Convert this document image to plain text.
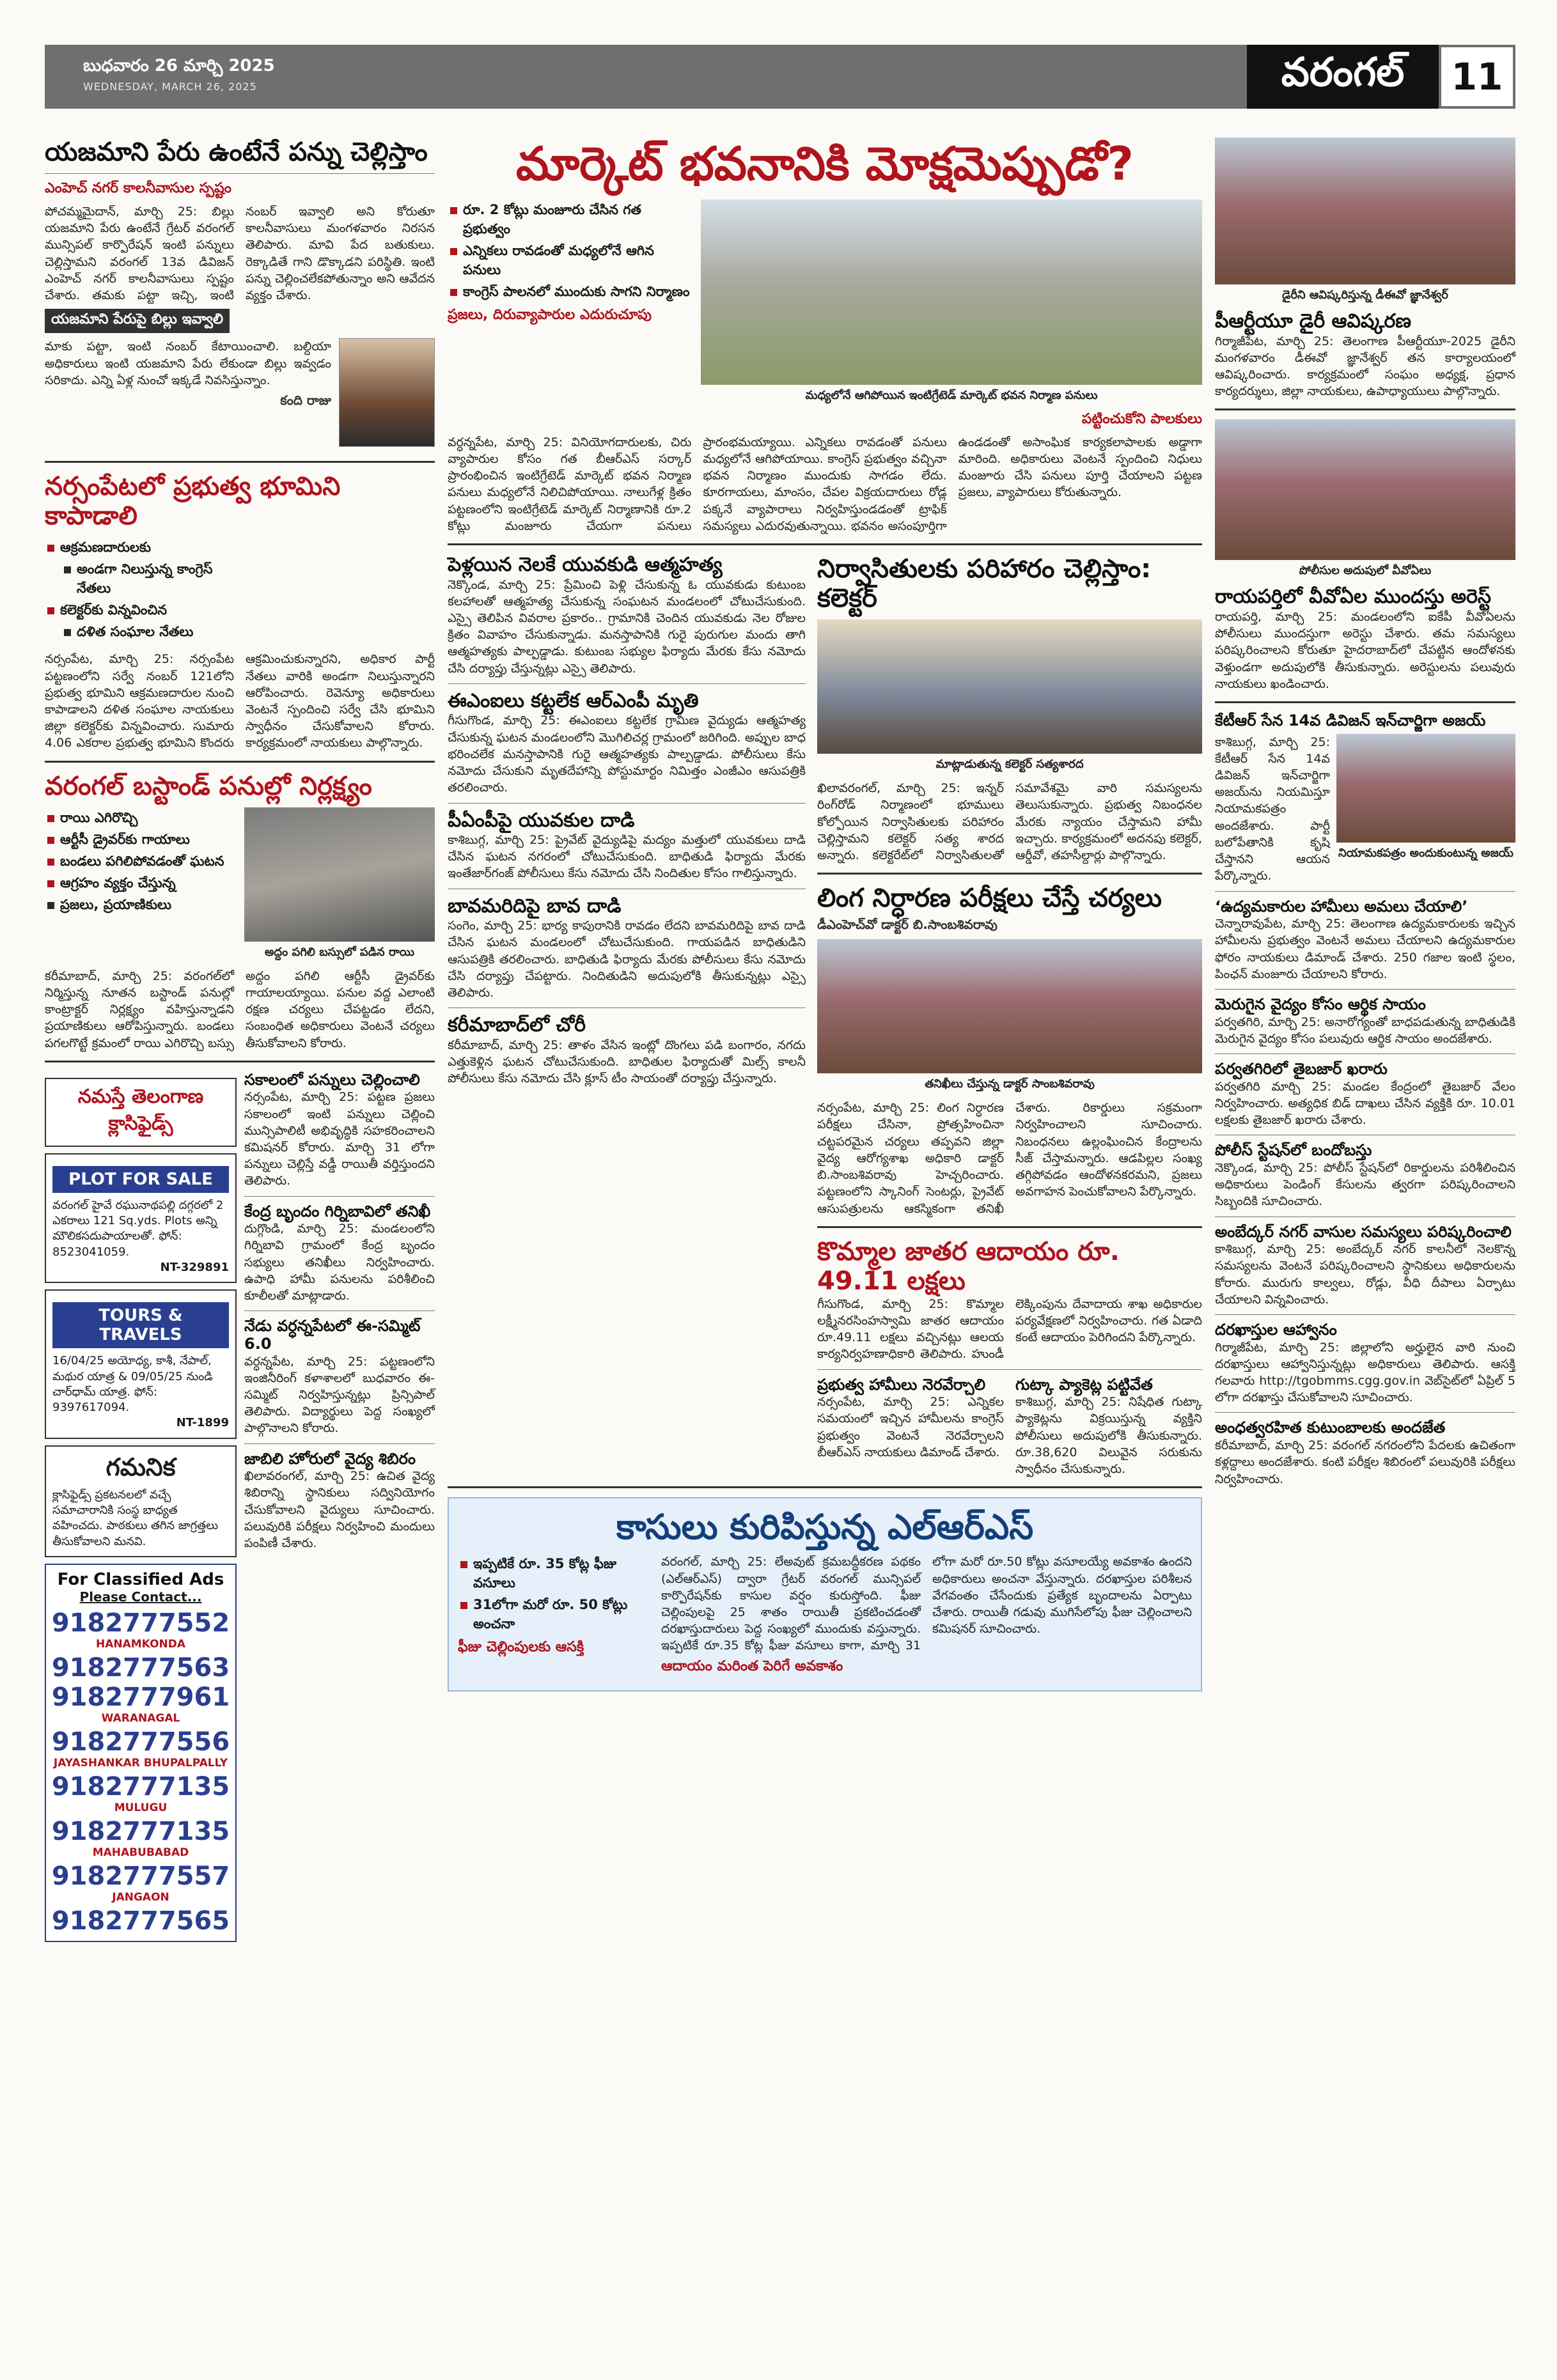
బుధవారం 26 మార్చి 2025
WEDNESDAY, MARCH 26, 2025	వరంగల్	11
యజమాని పేరు ఉంటేనే పన్ను చెల్లిస్తాం
ఎంహెచ్ నగర్ కాలనీవాసుల స్పష్టం
పోచమ్మమైదాన్, మార్చి 25: బిల్లు యజమాని పేరు ఉంటేనే గ్రేటర్ వరంగల్ మున్సిపల్ కార్పొరేషన్ ఇంటి పన్నులు చెల్లిస్తామని వరంగల్ 13వ డివిజన్ ఎంహెచ్ నగర్ కాలనీవాసులు స్పష్టం చేశారు. తమకు పట్టా ఇచ్చి, ఇంటి నంబర్ ఇవ్వాలి అని కోరుతూ కాలనీవాసులు మంగళవారం నిరసన తెలిపారు. మావి పేద బతుకులు. రెక్కాడితే గాని డొక్కాడని పరిస్థితి. ఇంటి పన్ను చెల్లించలేకపోతున్నాం అని ఆవేదన వ్యక్తం చేశారు.
యజమాని పేరుపై బిల్లు ఇవ్వాలి
మాకు పట్టా, ఇంటి నంబర్ కేటాయించాలి. బల్దియా అధికారులు ఇంటి యజమాని పేరు లేకుండా బిల్లు ఇవ్వడం సరికాదు. ఎన్ని ఏళ్ల నుంచో ఇక్కడే నివసిస్తున్నాం.
కంది రాజు
నర్సంపేటలో ప్రభుత్వ భూమిని కాపాడాలి
ఆక్రమణదారులకు
అండగా నిలుస్తున్న కాంగ్రెస్ నేతలు
కలెక్టర్‌కు విన్నవించిన
దళిత సంఘాల నేతలు
నర్సంపేట, మార్చి 25: నర్సంపేట పట్టణంలోని సర్వే నంబర్ 121లోని ప్రభుత్వ భూమిని ఆక్రమణదారుల నుంచి కాపాడాలని దళిత సంఘాల నాయకులు జిల్లా కలెక్టర్‌కు విన్నవించారు. సుమారు 4.06 ఎకరాల ప్రభుత్వ భూమిని కొందరు ఆక్రమించుకున్నారని, అధికార పార్టీ నేతలు వారికి అండగా నిలుస్తున్నారని ఆరోపించారు. రెవెన్యూ అధికారులు వెంటనే స్పందించి సర్వే చేసి భూమిని స్వాధీనం చేసుకోవాలని కోరారు. కార్యక్రమంలో నాయకులు పాల్గొన్నారు.
వరంగల్ బస్టాండ్ పనుల్లో నిర్లక్ష్యం
రాయి ఎగిరొచ్చి
ఆర్టీసీ డ్రైవర్‌కు గాయాలు
బండలు పగిలిపోవడంతో ఘటన
ఆగ్రహం వ్యక్తం చేస్తున్న
ప్రజలు, ప్రయాణికులు
అద్దం పగిలి బస్సులో పడిన రాయి
కరీమాబాద్, మార్చి 25: వరంగల్‌లో నిర్మిస్తున్న నూతన బస్టాండ్ పనుల్లో కాంట్రాక్టర్ నిర్లక్ష్యం వహిస్తున్నాడని ప్రయాణికులు ఆరోపిస్తున్నారు. బండలు పగలగొట్టే క్రమంలో రాయి ఎగిరొచ్చి బస్సు అద్దం పగిలి ఆర్టీసీ డ్రైవర్‌కు గాయాలయ్యాయి. పనుల వద్ద ఎలాంటి రక్షణ చర్యలు చేపట్టడం లేదని, సంబంధిత అధికారులు వెంటనే చర్యలు తీసుకోవాలని కోరారు.
నమస్తే తెలంగాణ క్లాసిఫైడ్స్
PLOT FOR SALE
వరంగల్ హైవే రఘునాథపల్లి దగ్గరలో 2 ఎకరాలు 121 Sq.yds. Plots అన్ని మౌలికసదుపాయాలతో. ఫోన్: 8523041059.
NT-329891
TOURS & TRAVELS
16/04/25 అయోధ్య, కాశీ, నేపాల్, మథుర యాత్ర & 09/05/25 నుండి చార్‌ధామ్ యాత్ర. ఫోన్: 9397617094.
NT-1899
గమనిక
క్లాసిఫైడ్స్ ప్రకటనలలో వచ్చే సమాచారానికి సంస్థ బాధ్యత వహించదు. పాఠకులు తగిన జాగ్రత్తలు తీసుకోవాలని మనవి.
For Classified Ads
Please Contact...
9182777552
HANAMKONDA
9182777563
9182777961
WARANAGAL
9182777556
JAYASHANKAR BHUPALPALLY
9182777135
MULUGU
9182777135
MAHABUBABAD
9182777557
JANGAON
9182777565
సకాలంలో పన్నులు చెల్లించాలి
నర్సంపేట, మార్చి 25: పట్టణ ప్రజలు సకాలంలో ఇంటి పన్నులు చెల్లించి మున్సిపాలిటీ అభివృద్ధికి సహకరించాలని కమిషనర్ కోరారు. మార్చి 31 లోగా పన్నులు చెల్లిస్తే వడ్డీ రాయితీ వర్తిస్తుందని తెలిపారు.
కేంద్ర బృందం గిర్నిబావిలో తనిఖీ
దుగ్గొండి, మార్చి 25: మండలంలోని గిర్నిబావి గ్రామంలో కేంద్ర బృందం సభ్యులు తనిఖీలు నిర్వహించారు. ఉపాధి హామీ పనులను పరిశీలించి కూలీలతో మాట్లాడారు.
నేడు వర్ధన్నపేటలో ఈ-సమ్మిట్ 6.0
వర్ధన్నపేట, మార్చి 25: పట్టణంలోని ఇంజినీరింగ్ కళాశాలలో బుధవారం ఈ-సమ్మిట్ నిర్వహిస్తున్నట్లు ప్రిన్సిపాల్ తెలిపారు. విద్యార్థులు పెద్ద సంఖ్యలో పాల్గొనాలని కోరారు.
జాబిలి హోరులో వైద్య శిబిరం
ఖిలావరంగల్, మార్చి 25: ఉచిత వైద్య శిబిరాన్ని స్థానికులు సద్వినియోగం చేసుకోవాలని వైద్యులు సూచించారు. పలువురికి పరీక్షలు నిర్వహించి మందులు పంపిణీ చేశారు.
మార్కెట్ భవనానికి మోక్షమెప్పుడో?
రూ. 2 కోట్లు మంజూరు చేసిన గత ప్రభుత్వం
ఎన్నికలు రావడంతో మధ్యలోనే ఆగిన పనులు
కాంగ్రెస్ పాలనలో ముందుకు సాగని నిర్మాణం
ప్రజలు, దిరువ్యాపారుల ఎదురుచూపు
మధ్యలోనే ఆగిపోయిన ఇంటిగ్రేటెడ్ మార్కెట్ భవన నిర్మాణ పనులు
పట్టించుకోని పాలకులు
వర్ధన్నపేట, మార్చి 25: వినియోగదారులకు, చిరు వ్యాపారుల కోసం గత బీఆర్‌ఎస్ సర్కార్ ప్రారంభించిన ఇంటిగ్రేటెడ్ మార్కెట్ భవన నిర్మాణ పనులు మధ్యలోనే నిలిచిపోయాయి. నాలుగేళ్ల క్రితం పట్టణంలోని ఇంటిగ్రేటెడ్ మార్కెట్ నిర్మాణానికి రూ.2 కోట్లు మంజూరు చేయగా పనులు ప్రారంభమయ్యాయి. ఎన్నికలు రావడంతో పనులు మధ్యలోనే ఆగిపోయాయి. కాంగ్రెస్ ప్రభుత్వం వచ్చినా భవన నిర్మాణం ముందుకు సాగడం లేదు. కూరగాయలు, మాంసం, చేపల విక్రయదారులు రోడ్ల పక్కనే వ్యాపారాలు నిర్వహిస్తుండడంతో ట్రాఫిక్ సమస్యలు ఎదురవుతున్నాయి. భవనం అసంపూర్తిగా ఉండడంతో అసాంఘిక కార్యకలాపాలకు అడ్డాగా మారింది. అధికారులు వెంటనే స్పందించి నిధులు మంజూరు చేసి పనులు పూర్తి చేయాలని పట్టణ ప్రజలు, వ్యాపారులు కోరుతున్నారు.
పెళ్లయిన నెలకే యువకుడి ఆత్మహత్య
నెక్కొండ, మార్చి 25: ప్రేమించి పెళ్లి చేసుకున్న ఓ యువకుడు కుటుంబ కలహాలతో ఆత్మహత్య చేసుకున్న సంఘటన మండలంలో చోటుచేసుకుంది. ఎస్సై తెలిపిన వివరాల ప్రకారం.. గ్రామానికి చెందిన యువకుడు నెల రోజుల క్రితం వివాహం చేసుకున్నాడు. మనస్తాపానికి గురై పురుగుల మందు తాగి ఆత్మహత్యకు పాల్పడ్డాడు. కుటుంబ సభ్యుల ఫిర్యాదు మేరకు కేసు నమోదు చేసి దర్యాప్తు చేస్తున్నట్లు ఎస్సై తెలిపారు.
ఈఎంఐలు కట్టలేక ఆర్‌ఎంపీ మృతి
గీసుగొండ, మార్చి 25: ఈఎంఐలు కట్టలేక గ్రామీణ వైద్యుడు ఆత్మహత్య చేసుకున్న ఘటన మండలంలోని మొగిలిచర్ల గ్రామంలో జరిగింది. అప్పుల బాధ భరించలేక మనస్తాపానికి గురై ఆత్మహత్యకు పాల్పడ్డాడు. పోలీసులు కేసు నమోదు చేసుకుని మృతదేహాన్ని పోస్టుమార్టం నిమిత్తం ఎంజీఎం ఆసుపత్రికి తరలించారు.
పీఏంపీపై యువకుల దాడి
కాశిబుగ్గ, మార్చి 25: ప్రైవేట్ వైద్యుడిపై మద్యం మత్తులో యువకులు దాడి చేసిన ఘటన నగరంలో చోటుచేసుకుంది. బాధితుడి ఫిర్యాదు మేరకు ఇంతేజార్‌గంజ్ పోలీసులు కేసు నమోదు చేసి నిందితుల కోసం గాలిస్తున్నారు.
బావమరిదిపై బావ దాడి
సంగెం, మార్చి 25: భార్య కాపురానికి రావడం లేదని బావమరిదిపై బావ దాడి చేసిన ఘటన మండలంలో చోటుచేసుకుంది. గాయపడిన బాధితుడిని ఆసుపత్రికి తరలించారు. బాధితుడి ఫిర్యాదు మేరకు పోలీసులు కేసు నమోదు చేసి దర్యాప్తు చేపట్టారు. నిందితుడిని అదుపులోకి తీసుకున్నట్లు ఎస్సై తెలిపారు.
కరీమాబాద్‌లో చోరీ
కరీమాబాద్, మార్చి 25: తాళం వేసిన ఇంట్లో దొంగలు పడి బంగారం, నగదు ఎత్తుకెళ్లిన ఘటన చోటుచేసుకుంది. బాధితుల ఫిర్యాదుతో మిల్స్ కాలనీ పోలీసులు కేసు నమోదు చేసి క్లూస్ టీం సాయంతో దర్యాప్తు చేస్తున్నారు.
నిర్వాసితులకు పరిహారం చెల్లిస్తాం: కలెక్టర్
మాట్లాడుతున్న కలెక్టర్ సత్యశారద
ఖిలావరంగల్, మార్చి 25: ఇన్నర్ రింగ్‌రోడ్ నిర్మాణంలో భూములు కోల్పోయిన నిర్వాసితులకు పరిహారం చెల్లిస్తామని కలెక్టర్ సత్య శారద అన్నారు. కలెక్టరేట్‌లో నిర్వాసితులతో సమావేశమై వారి సమస్యలను తెలుసుకున్నారు. ప్రభుత్వ నిబంధనల మేరకు న్యాయం చేస్తామని హామీ ఇచ్చారు. కార్యక్రమంలో అదనపు కలెక్టర్, ఆర్డీవో, తహసీల్దార్లు పాల్గొన్నారు.
లింగ నిర్ధారణ పరీక్షలు చేస్తే చర్యలు
డీఎంహెచ్‌వో డాక్టర్ బి.సాంబశివరావు
తనిఖీలు చేస్తున్న డాక్టర్ సాంబశివరావు
నర్సంపేట, మార్చి 25: లింగ నిర్ధారణ పరీక్షలు చేసినా, ప్రోత్సహించినా చట్టపరమైన చర్యలు తప్పవని జిల్లా వైద్య ఆరోగ్యశాఖ అధికారి డాక్టర్ బి.సాంబశివరావు హెచ్చరించారు. పట్టణంలోని స్కానింగ్ సెంటర్లు, ప్రైవేట్ ఆసుపత్రులను ఆకస్మికంగా తనిఖీ చేశారు. రికార్డులు సక్రమంగా నిర్వహించాలని సూచించారు. నిబంధనలు ఉల్లంఘించిన కేంద్రాలను సీజ్ చేస్తామన్నారు. ఆడపిల్లల సంఖ్య తగ్గిపోవడం ఆందోళనకరమని, ప్రజలు అవగాహన పెంచుకోవాలని పేర్కొన్నారు.
కొమ్మాల జాతర ఆదాయం రూ. 49.11 లక్షలు
గీసుగొండ, మార్చి 25: కొమ్మాల లక్ష్మీనరసింహస్వామి జాతర ఆదాయం రూ.49.11 లక్షలు వచ్చినట్లు ఆలయ కార్యనిర్వహణాధికారి తెలిపారు. హుండీ లెక్కింపును దేవాదాయ శాఖ అధికారుల పర్యవేక్షణలో నిర్వహించారు. గత ఏడాది కంటే ఆదాయం పెరిగిందని పేర్కొన్నారు.
ప్రభుత్వ హామీలు నెరవేర్చాలి
నర్సంపేట, మార్చి 25: ఎన్నికల సమయంలో ఇచ్చిన హామీలను కాంగ్రెస్ ప్రభుత్వం వెంటనే నెరవేర్చాలని బీఆర్‌ఎస్ నాయకులు డిమాండ్ చేశారు.
గుట్కా ప్యాకెట్ల పట్టివేత
కాశిబుగ్గ, మార్చి 25: నిషేధిత గుట్కా ప్యాకెట్లను విక్రయిస్తున్న వ్యక్తిని పోలీసులు అదుపులోకి తీసుకున్నారు. రూ.38,620 విలువైన సరుకును స్వాధీనం చేసుకున్నారు.
కాసులు కురిపిస్తున్న ఎల్‌ఆర్‌ఎస్
ఇప్పటికే రూ. 35 కోట్ల ఫీజు వసూలు
31లోగా మరో రూ. 50 కోట్లు అంచనా
ఫీజు చెల్లింపులకు ఆసక్తి
వరంగల్, మార్చి 25: లేఅవుట్ క్రమబద్ధీకరణ పథకం (ఎల్‌ఆర్‌ఎస్) ద్వారా గ్రేటర్ వరంగల్ మున్సిపల్ కార్పొరేషన్‌కు కాసుల వర్షం కురుస్తోంది. ఫీజు చెల్లింపులపై 25 శాతం రాయితీ ప్రకటించడంతో దరఖాస్తుదారులు పెద్ద సంఖ్యలో ముందుకు వస్తున్నారు. ఇప్పటికే రూ.35 కోట్ల ఫీజు వసూలు కాగా, మార్చి 31 లోగా మరో రూ.50 కోట్లు వసూలయ్యే అవకాశం ఉందని అధికారులు అంచనా వేస్తున్నారు. దరఖాస్తుల పరిశీలన వేగవంతం చేసేందుకు ప్రత్యేక బృందాలను ఏర్పాటు చేశారు. రాయితీ గడువు ముగిసేలోపు ఫీజు చెల్లించాలని కమిషనర్ సూచించారు.
ఆదాయం మరింత పెరిగే అవకాశం
డైరీని ఆవిష్కరిస్తున్న డీఈవో జ్ఞానేశ్వర్
పీఆర్టీయూ డైరీ ఆవిష్కరణ
గిర్మాజీపేట, మార్చి 25: తెలంగాణ పీఆర్టీయూ-2025 డైరీని మంగళవారం డీఈవో జ్ఞానేశ్వర్ తన కార్యాలయంలో ఆవిష్కరించారు. కార్యక్రమంలో సంఘం అధ్యక్ష, ప్రధాన కార్యదర్శులు, జిల్లా నాయకులు, ఉపాధ్యాయులు పాల్గొన్నారు.
పోలీసుల అదుపులో వీవోఏలు
రాయపర్తిలో వీవోఏల ముందస్తు అరెస్ట్
రాయపర్తి, మార్చి 25: మండలంలోని ఐకేపీ వీవోఏలను పోలీసులు ముందస్తుగా అరెస్టు చేశారు. తమ సమస్యలు పరిష్కరించాలని కోరుతూ హైదరాబాద్‌లో చేపట్టిన ఆందోళనకు వెళ్తుండగా అదుపులోకి తీసుకున్నారు. అరెస్టులను పలువురు నాయకులు ఖండించారు.
కేటీఆర్ సేన 14వ డివిజన్ ఇన్‌చార్జిగా అజయ్
కాశిబుగ్గ, మార్చి 25: కేటీఆర్ సేన 14వ డివిజన్ ఇన్‌చార్జిగా అజయ్‌ను నియమిస్తూ నియామకపత్రం అందజేశారు. పార్టీ బలోపేతానికి కృషి చేస్తానని ఆయన పేర్కొన్నారు.
నియామకపత్రం అందుకుంటున్న అజయ్
‘ఉద్యమకారుల హామీలు అమలు చేయాలి’
చెన్నారావుపేట, మార్చి 25: తెలంగాణ ఉద్యమకారులకు ఇచ్చిన హామీలను ప్రభుత్వం వెంటనే అమలు చేయాలని ఉద్యమకారుల ఫోరం నాయకులు డిమాండ్ చేశారు. 250 గజాల ఇంటి స్థలం, పింఛన్ మంజూరు చేయాలని కోరారు.
మెరుగైన వైద్యం కోసం ఆర్థిక సాయం
పర్వతగిరి, మార్చి 25: అనారోగ్యంతో బాధపడుతున్న బాధితుడికి మెరుగైన వైద్యం కోసం పలువురు ఆర్థిక సాయం అందజేశారు.
పర్వతగిరిలో తైబజార్ ఖరారు
పర్వతగిరి మార్చి 25: మండల కేంద్రంలో తైబజార్ వేలం నిర్వహించారు. అత్యధిక బిడ్ దాఖలు చేసిన వ్యక్తికి రూ. 10.01 లక్షలకు తైబజార్ ఖరారు చేశారు.
పోలీస్ స్టేషన్‌లో బందోబస్తు
నెక్కొండ, మార్చి 25: పోలీస్ స్టేషన్‌లో రికార్డులను పరిశీలించిన అధికారులు పెండింగ్ కేసులను త్వరగా పరిష్కరించాలని సిబ్బందికి సూచించారు.
అంబేద్కర్ నగర్ వాసుల సమస్యలు పరిష్కరించాలి
కాశిబుగ్గ, మార్చి 25: అంబేద్కర్ నగర్ కాలనీలో నెలకొన్న సమస్యలను వెంటనే పరిష్కరించాలని స్థానికులు అధికారులను కోరారు. మురుగు కాల్వలు, రోడ్లు, వీధి దీపాలు ఏర్పాటు చేయాలని విన్నవించారు.
దరఖాస్తుల ఆహ్వానం
గిర్మాజీపేట, మార్చి 25: జిల్లాలోని అర్హులైన వారి నుంచి దరఖాస్తులు ఆహ్వానిస్తున్నట్లు అధికారులు తెలిపారు. ఆసక్తి గలవారు http://tgobmms.cgg.gov.in వెబ్‌సైట్‌లో ఏప్రిల్ 5 లోగా దరఖాస్తు చేసుకోవాలని సూచించారు.
అంధత్వరహిత కుటుంబాలకు అందజేత
కరీమాబాద్, మార్చి 25: వరంగల్ నగరంలోని పేదలకు ఉచితంగా కళ్లద్దాలు అందజేశారు. కంటి పరీక్షల శిబిరంలో పలువురికి పరీక్షలు నిర్వహించారు.
